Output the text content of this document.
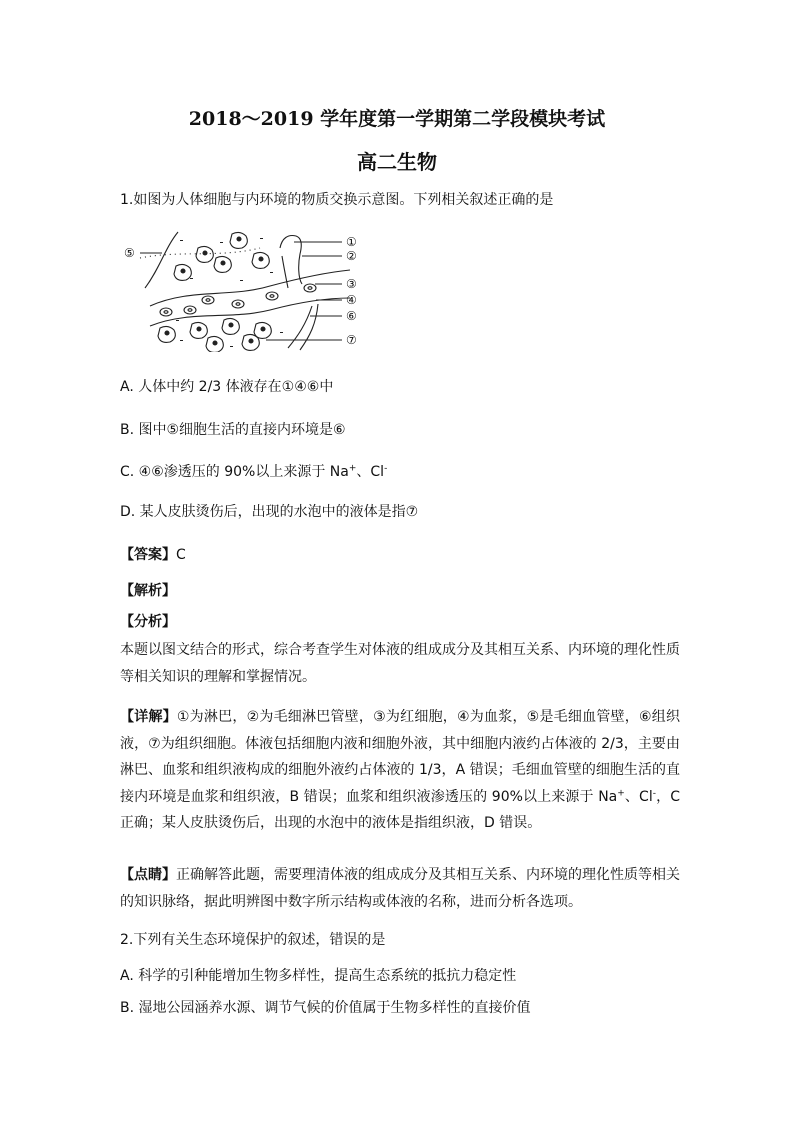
2018～2019 学年度第一学期第二学段模块考试
高二生物
1.如图为人体细胞与内环境的物质交换示意图。下列相关叙述正确的是
①
②
③
④
⑤
⑥
⑦
A. 人体中约 2/3 体液存在①④⑥中
B. 图中⑤细胞生活的直接内环境是⑥
C. ④⑥渗透压的 90%以上来源于 Na+、Cl-
D. 某人皮肤烫伤后，出现的水泡中的液体是指⑦
【答案】C
【解析】
【分析】
本题以图文结合的形式，综合考查学生对体液的组成成分及其相互关系、内环境的理化性质等相关知识的理解和掌握情况。
【详解】①为淋巴，②为毛细淋巴管壁，③为红细胞，④为血浆，⑤是毛细血管壁，⑥组织液，⑦为组织细胞。体液包括细胞内液和细胞外液，其中细胞内液约占体液的 2/3，主要由淋巴、血浆和组织液构成的细胞外液约占体液的 1/3，A 错误；毛细血管壁的细胞生活的直接内环境是血浆和组织液，B 错误；血浆和组织液渗透压的 90%以上来源于 Na+、Cl-，C 正确；某人皮肤烫伤后，出现的水泡中的液体是指组织液，D 错误。
【点睛】正确解答此题，需要理清体液的组成成分及其相互关系、内环境的理化性质等相关的知识脉络，据此明辨图中数字所示结构或体液的名称，进而分析各选项。
2.下列有关生态环境保护的叙述，错误的是
A. 科学的引种能增加生物多样性，提高生态系统的抵抗力稳定性
B. 湿地公园涵养水源、调节气候的价值属于生物多样性的直接价值
